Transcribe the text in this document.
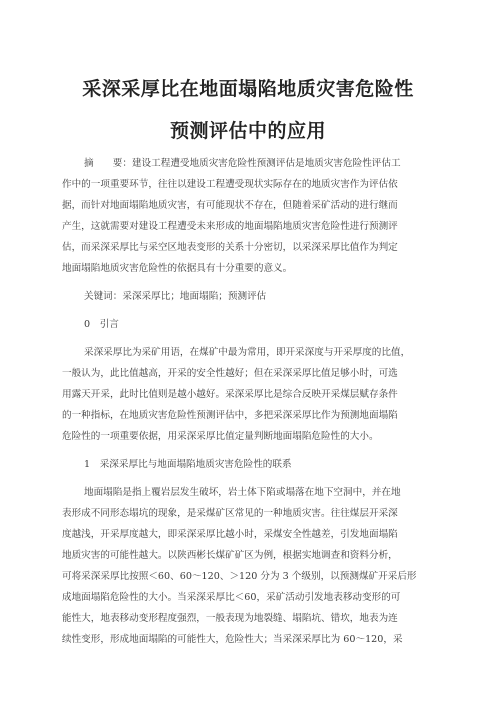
采深采厚比在地面塌陷地质灾害危险性
预测评估中的应用
摘　　要：建设工程遭受地质灾害危险性预测评估是地质灾害危险性评估工
作中的一项重要环节，往往以建设工程遭受现状实际存在的地质灾害作为评估依
据，而针对地面塌陷地质灾害，有可能现状不存在，但随着采矿活动的进行继而
产生，这就需要对建设工程遭受未来形成的地面塌陷地质灾害危险性进行预测评
估，而采深采厚比与采空区地表变形的关系十分密切，以采深采厚比值作为判定
地面塌陷地质灾害危险性的依据具有十分重要的意义。
关键词：采深采厚比；地面塌陷；预测评估
0　引言
采深采厚比为采矿用语，在煤矿中最为常用，即开采深度与开采厚度的比值，
一般认为，此比值越高，开采的安全性越好；但在采深采厚比值足够小时，可选
用露天开采，此时比值则是越小越好。采深采厚比是综合反映开采煤层赋存条件
的一种指标，在地质灾害危险性预测评估中，多把采深采厚比作为预测地面塌陷
危险性的一项重要依据，用采深采厚比值定量判断地面塌陷危险性的大小。
1　采深采厚比与地面塌陷地质灾害危险性的联系
地面塌陷是指上覆岩层发生破坏，岩土体下陷或塌落在地下空洞中，并在地
表形成不同形态塌坑的现象，是采煤矿区常见的一种地质灾害。往往煤层开采深
度越浅，开采厚度越大，即采深采厚比越小时，采煤安全性越差，引发地面塌陷
地质灾害的可能性越大。以陕西彬长煤矿矿区为例，根据实地调查和资料分析，
可将采深采厚比按照＜60、60～120、＞120 分为 3 个级别，以预测煤矿开采后形
成地面塌陷危险性的大小。当采深采厚比＜60，采矿活动引发地表移动变形的可
能性大，地表移动变形程度强烈，一般表现为地裂缝、塌陷坑、错坎，地表为连
续性变形，形成地面塌陷的可能性大，危险性大；当采深采厚比为 60～120，采
